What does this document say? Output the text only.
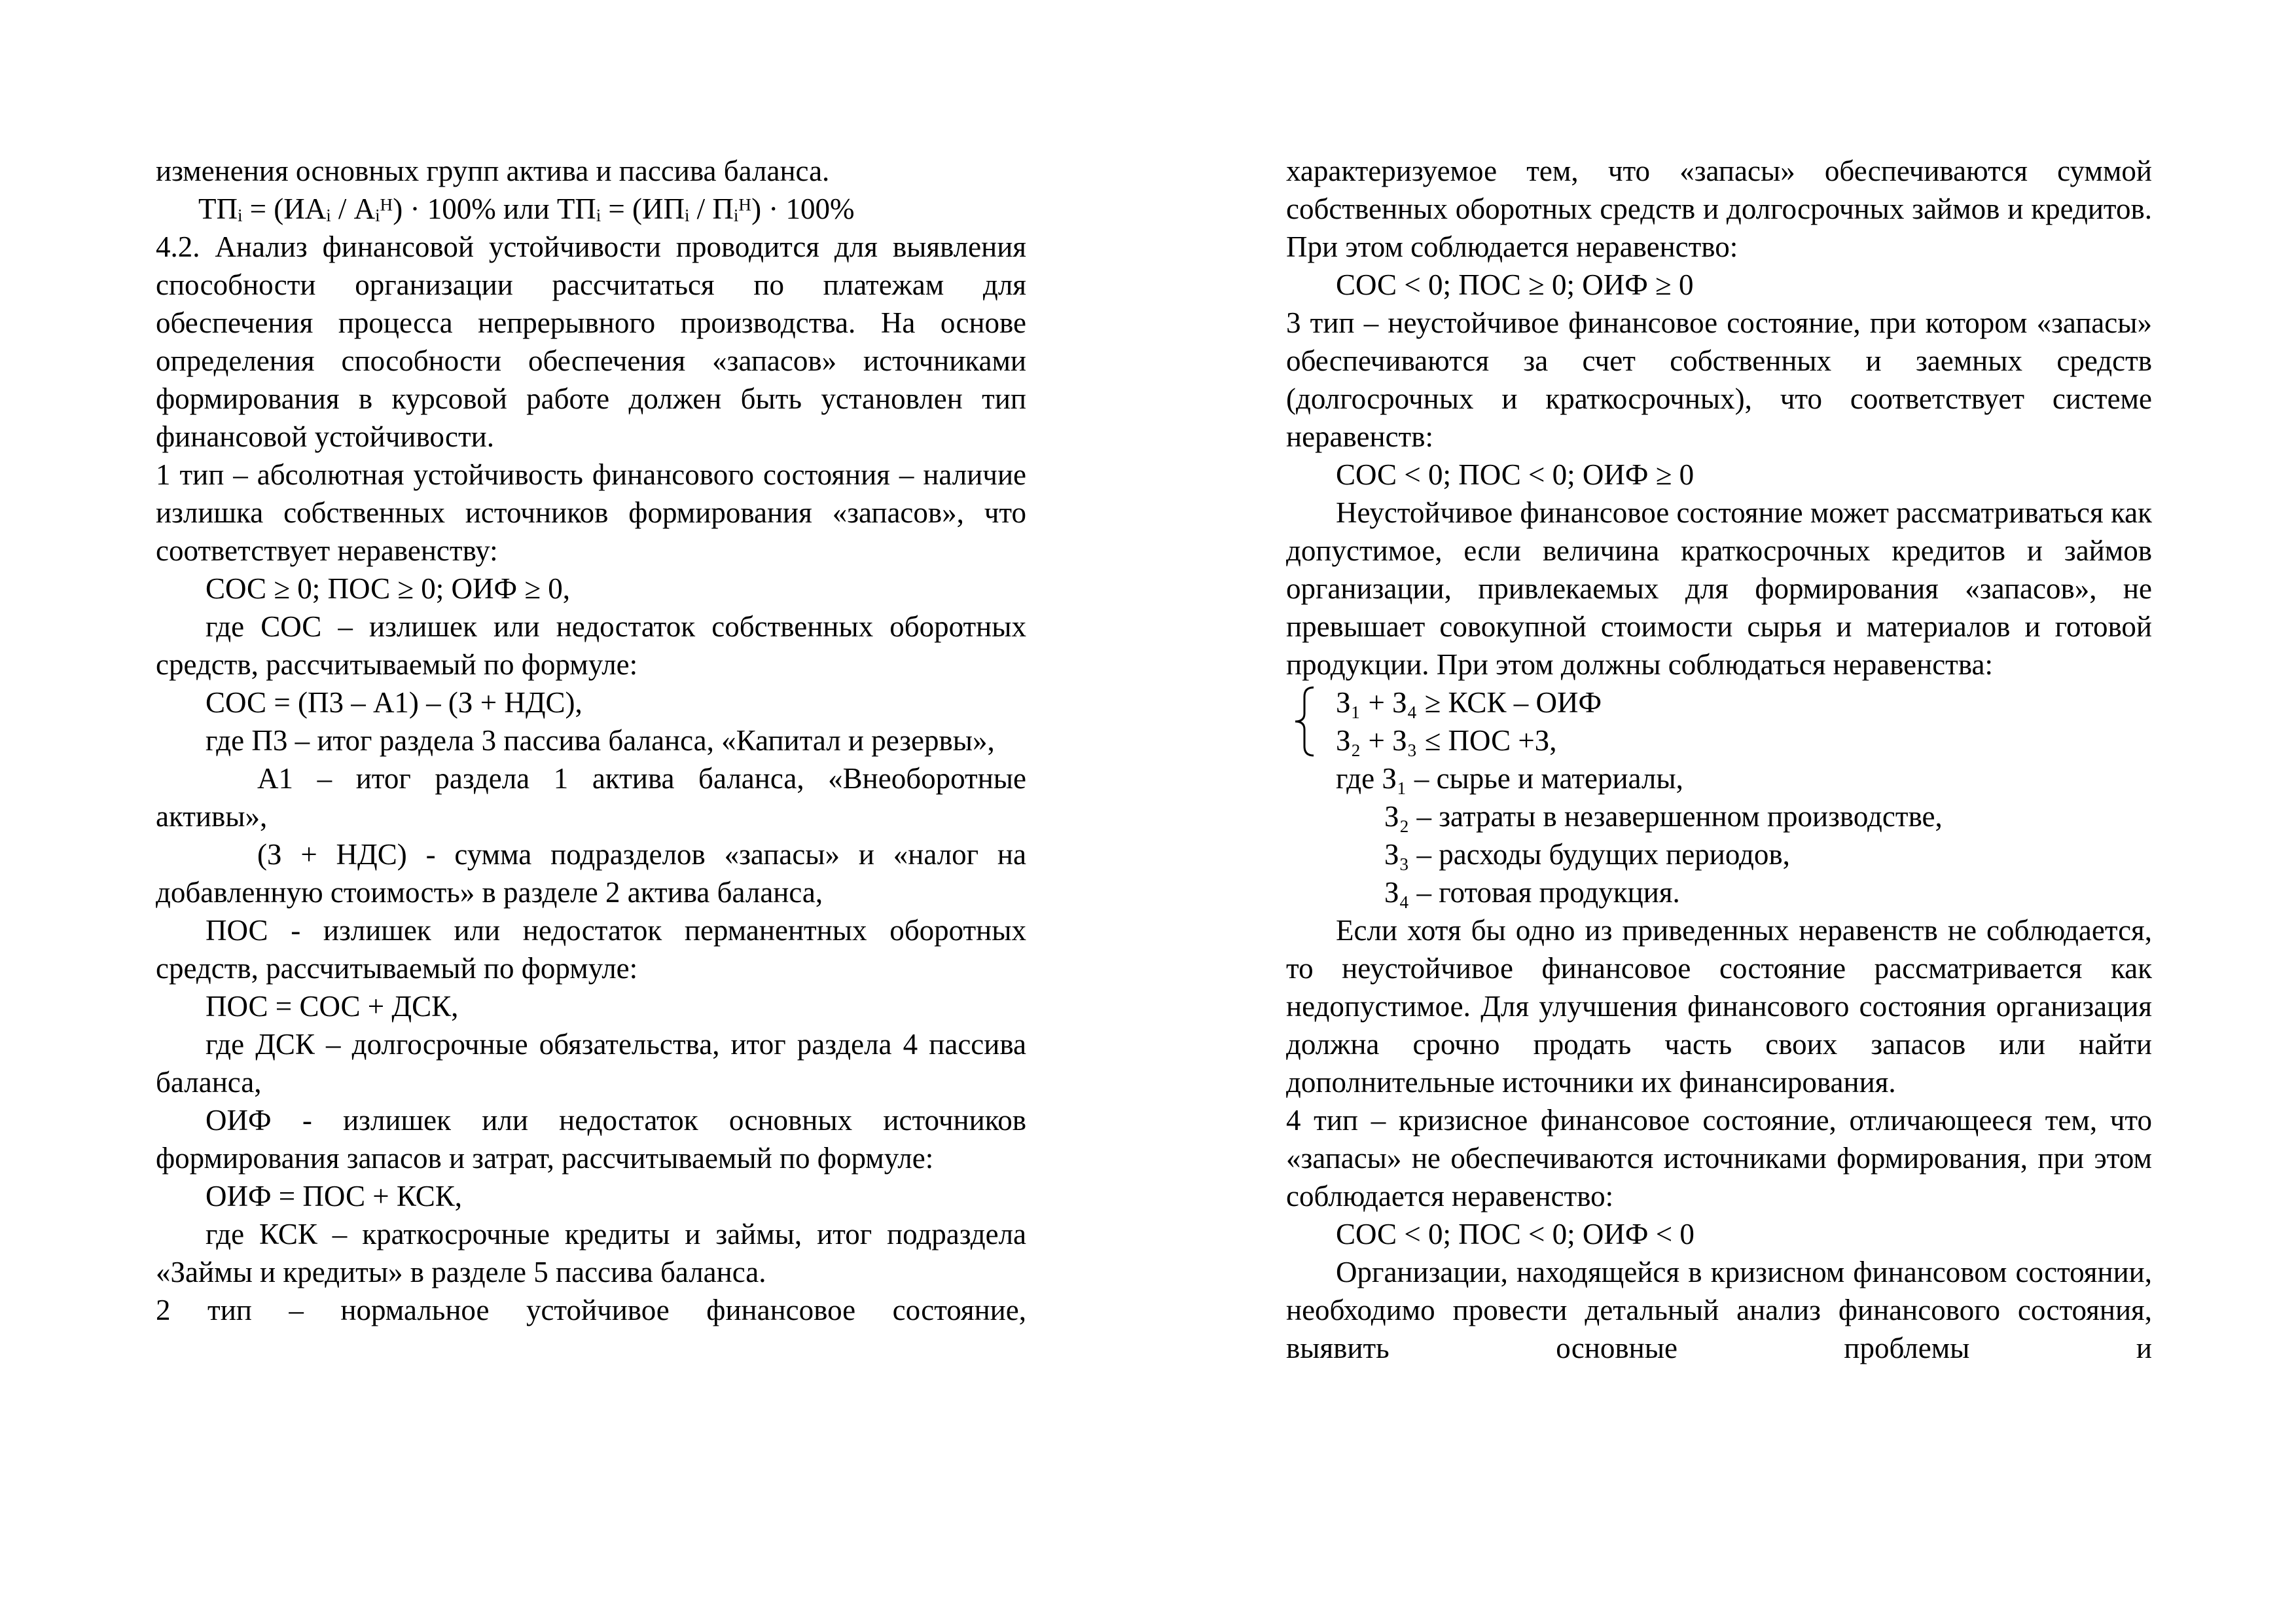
изменения основных групп актива и пассива баланса.

ТПᵢ = (ИАᵢ / Аᵢᴴ) · 100% или ТПᵢ = (ИПᵢ / Пᵢᴴ) · 100%

4.2. Анализ финансовой устойчивости проводится для выявления способности организации рассчитаться по платежам для обеспечения процесса непрерывного производства. На основе определения способности обеспечения «запасов» источниками формирования в курсовой работе должен быть установлен тип финансовой устойчивости.

1 тип – абсолютная устойчивость финансового состояния – наличие излишка собственных источников формирования «запасов», что соответствует неравенству:

СОС ≥ 0; ПОС ≥ 0; ОИФ ≥ 0,

где СОС – излишек или недостаток собственных оборотных средств, рассчитываемый по формуле:

СОС = (П3 – А1) – (З + НДС),

где П3 – итог раздела 3 пассива баланса, «Капитал и резервы»,

А1 – итог раздела 1 актива баланса, «Внеоборотные активы»,

(З + НДС) - сумма подразделов «запасы» и «налог на добавленную стоимость» в разделе 2 актива баланса,

ПОС - излишек или недостаток перманентных оборотных средств, рассчитываемый по формуле:

ПОС = СОС + ДСК,

где ДСК – долгосрочные обязательства, итог раздела 4 пассива баланса,

ОИФ - излишек или недостаток основных источников формирования запасов и затрат, рассчитываемый по формуле:

ОИФ = ПОС + КСК,

где КСК – краткосрочные кредиты и займы, итог подраздела «Займы и кредиты» в разделе 5 пассива баланса.

2 тип – нормальное устойчивое финансовое состояние,

характеризуемое тем, что «запасы» обеспечиваются суммой собственных оборотных средств и долгосрочных займов и кредитов. При этом соблюдается неравенство:

СОС < 0; ПОС ≥ 0; ОИФ ≥ 0

3 тип – неустойчивое финансовое состояние, при котором «запасы» обеспечиваются за счет собственных и заемных средств (долгосрочных и краткосрочных), что соответствует системе неравенств:

СОС < 0; ПОС < 0; ОИФ ≥ 0

Неустойчивое финансовое состояние может рассматриваться как допустимое, если величина краткосрочных кредитов и займов организации, привлекаемых для формирования «запасов», не превышает совокупной стоимости сырья и материалов и готовой продукции. При этом должны соблюдаться неравенства:

З₁ + З₄ ≥ КСК – ОИФ

З₂ + З₃ ≤ ПОС +З,

где З₁ – сырье и материалы,

З₂ – затраты в незавершенном производстве,

З₃ – расходы будущих периодов,

З₄ – готовая продукция.

Если хотя бы одно из приведенных неравенств не соблюдается, то неустойчивое финансовое состояние рассматривается как недопустимое. Для улучшения финансового состояния организация должна срочно продать часть своих запасов или найти дополнительные источники их финансирования.

4 тип – кризисное финансовое состояние, отличающееся тем, что «запасы» не обеспечиваются источниками формирования, при этом соблюдается неравенство:

СОС < 0; ПОС < 0; ОИФ < 0

Организации, находящейся в кризисном финансовом состоянии, необходимо провести детальный анализ финансового состояния, выявить основные проблемы и
